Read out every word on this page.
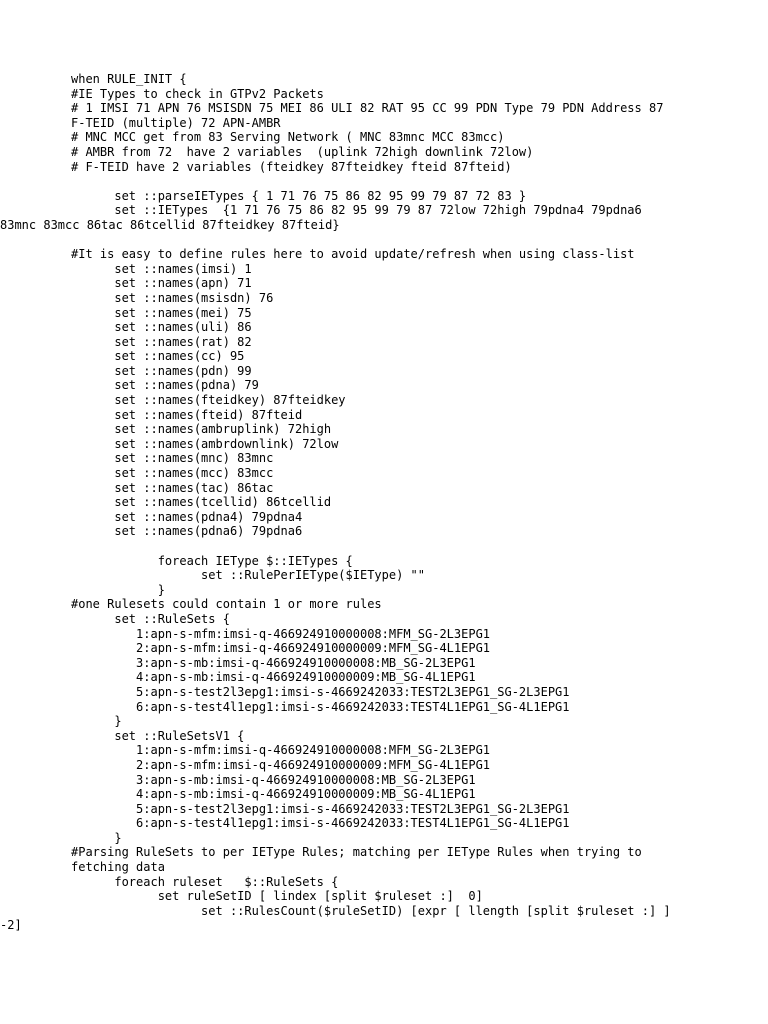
when RULE_INIT {
#IE Types to check in GTPv2 Packets
# 1 IMSI 71 APN 76 MSISDN 75 MEI 86 ULI 82 RAT 95 CC 99 PDN Type 79 PDN Address 87
F-TEID (multiple) 72 APN-AMBR
# MNC MCC get from 83 Serving Network ( MNC 83mnc MCC 83mcc)
# AMBR from 72  have 2 variables  (uplink 72high downlink 72low)
# F-TEID have 2 variables (fteidkey 87fteidkey fteid 87fteid)
set ::parseIETypes { 1 71 76 75 86 82 95 99 79 87 72 83 }
set ::IETypes  {1 71 76 75 86 82 95 99 79 87 72low 72high 79pdna4 79pdna6
83mnc 83mcc 86tac 86tcellid 87fteidkey 87fteid}
#It is easy to define rules here to avoid update/refresh when using class-list
set ::names(imsi) 1
set ::names(apn) 71
set ::names(msisdn) 76
set ::names(mei) 75
set ::names(uli) 86
set ::names(rat) 82
set ::names(cc) 95
set ::names(pdn) 99
set ::names(pdna) 79
set ::names(fteidkey) 87fteidkey
set ::names(fteid) 87fteid
set ::names(ambruplink) 72high
set ::names(ambrdownlink) 72low
set ::names(mnc) 83mnc
set ::names(mcc) 83mcc
set ::names(tac) 86tac
set ::names(tcellid) 86tcellid
set ::names(pdna4) 79pdna4
set ::names(pdna6) 79pdna6
foreach IEType $::IETypes {
set ::RulePerIEType($IEType) ""
}
#one Rulesets could contain 1 or more rules
set ::RuleSets {
1:apn-s-mfm:imsi-q-466924910000008:MFM_SG-2L3EPG1
2:apn-s-mfm:imsi-q-466924910000009:MFM_SG-4L1EPG1
3:apn-s-mb:imsi-q-466924910000008:MB_SG-2L3EPG1
4:apn-s-mb:imsi-q-466924910000009:MB_SG-4L1EPG1
5:apn-s-test2l3epg1:imsi-s-4669242033:TEST2L3EPG1_SG-2L3EPG1
6:apn-s-test4l1epg1:imsi-s-4669242033:TEST4L1EPG1_SG-4L1EPG1
}
set ::RuleSetsV1 {
1:apn-s-mfm:imsi-q-466924910000008:MFM_SG-2L3EPG1
2:apn-s-mfm:imsi-q-466924910000009:MFM_SG-4L1EPG1
3:apn-s-mb:imsi-q-466924910000008:MB_SG-2L3EPG1
4:apn-s-mb:imsi-q-466924910000009:MB_SG-4L1EPG1
5:apn-s-test2l3epg1:imsi-s-4669242033:TEST2L3EPG1_SG-2L3EPG1
6:apn-s-test4l1epg1:imsi-s-4669242033:TEST4L1EPG1_SG-4L1EPG1
}
#Parsing RuleSets to per IEType Rules; matching per IEType Rules when trying to
fetching data
foreach ruleset   $::RuleSets {
set ruleSetID [ lindex [split $ruleset :]  0]
set ::RulesCount($ruleSetID) [expr [ llength [split $ruleset :] ]
-2]
